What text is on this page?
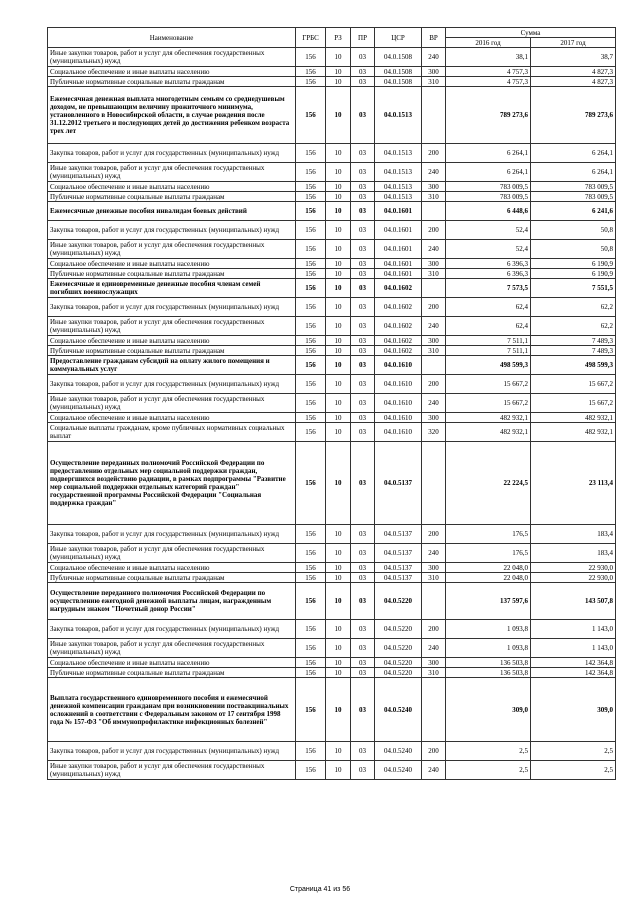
Наименование	ГРБС	РЗ	ПР	ЦСР	ВР	Сумма	
						2016 год	2017 год
Иные закупки товаров, работ и услуг для обеспечения государственных (муниципальных) нужд	156	10	03	04.0.1508	240	38,1	38,7
Социальное обеспечение и иные выплаты населению	156	10	03	04.0.1508	300	4 757,3	4 827,3
Публичные нормативные социальные выплаты гражданам	156	10	03	04.0.1508	310	4 757,3	4 827,3
Ежемесячная денежная выплата многодетным семьям со среднедушевым доходом, не превышающим величину прожиточного минимума, установленного в Новосибирской области, в случае рождения после 31.12.2012 третьего и последующих детей до достижения ребенком возраста трех лет	156	10	03	04.0.1513		789 273,6	789 273,6
Закупка товаров, работ и услуг для государственных (муниципальных) нужд	156	10	03	04.0.1513	200	6 264,1	6 264,1
Иные закупки товаров, работ и услуг для обеспечения государственных (муниципальных) нужд	156	10	03	04.0.1513	240	6 264,1	6 264,1
Социальное обеспечение и иные выплаты населению	156	10	03	04.0.1513	300	783 009,5	783 009,5
Публичные нормативные социальные выплаты гражданам	156	10	03	04.0.1513	310	783 009,5	783 009,5
Ежемесячные денежные пособия инвалидам боевых действий	156	10	03	04.0.1601		6 448,6	6 241,6
Закупка товаров, работ и услуг для государственных (муниципальных) нужд	156	10	03	04.0.1601	200	52,4	50,8
Иные закупки товаров, работ и услуг для обеспечения государственных (муниципальных) нужд	156	10	03	04.0.1601	240	52,4	50,8
Социальное обеспечение и иные выплаты населению	156	10	03	04.0.1601	300	6 396,3	6 190,9
Публичные нормативные социальные выплаты гражданам	156	10	03	04.0.1601	310	6 396,3	6 190,9
Ежемесячные и единовременные денежные пособия членам семей погибших военнослужащих	156	10	03	04.0.1602		7 573,5	7 551,5
Закупка товаров, работ и услуг для государственных (муниципальных) нужд	156	10	03	04.0.1602	200	62,4	62,2
Иные закупки товаров, работ и услуг для обеспечения государственных (муниципальных) нужд	156	10	03	04.0.1602	240	62,4	62,2
Социальное обеспечение и иные выплаты населению	156	10	03	04.0.1602	300	7 511,1	7 489,3
Публичные нормативные социальные выплаты гражданам	156	10	03	04.0.1602	310	7 511,1	7 489,3
Предоставление гражданам субсидий на оплату жилого помещения и коммунальных услуг	156	10	03	04.0.1610		498 599,3	498 599,3
Закупка товаров, работ и услуг для государственных (муниципальных) нужд	156	10	03	04.0.1610	200	15 667,2	15 667,2
Иные закупки товаров, работ и услуг для обеспечения государственных (муниципальных) нужд	156	10	03	04.0.1610	240	15 667,2	15 667,2
Социальное обеспечение и иные выплаты населению	156	10	03	04.0.1610	300	482 932,1	482 932,1
Социальные выплаты гражданам, кроме публичных нормативных социальных выплат	156	10	03	04.0.1610	320	482 932,1	482 932,1
Осуществление переданных полномочий Российской Федерации по предоставлению отдельных мер социальной поддержки граждан, подвергшихся воздействию радиации, в рамках подпрограммы "Развитие мер социальной поддержки отдельных категорий граждан" государственной программы Российской Федерации "Социальная поддержка граждан"	156	10	03	04.0.5137		22 224,5	23 113,4
Закупка товаров, работ и услуг для государственных (муниципальных) нужд	156	10	03	04.0.5137	200	176,5	183,4
Иные закупки товаров, работ и услуг для обеспечения государственных (муниципальных) нужд	156	10	03	04.0.5137	240	176,5	183,4
Социальное обеспечение и иные выплаты населению	156	10	03	04.0.5137	300	22 048,0	22 930,0
Публичные нормативные социальные выплаты гражданам	156	10	03	04.0.5137	310	22 048,0	22 930,0
Осуществление переданного полномочия Российской Федерации по осуществлению ежегодной денежной выплаты лицам, награжденным нагрудным знаком "Почетный донор России"	156	10	03	04.0.5220		137 597,6	143 507,8
Закупка товаров, работ и услуг для государственных (муниципальных) нужд	156	10	03	04.0.5220	200	1 093,8	1 143,0
Иные закупки товаров, работ и услуг для обеспечения государственных (муниципальных) нужд	156	10	03	04.0.5220	240	1 093,8	1 143,0
Социальное обеспечение и иные выплаты населению	156	10	03	04.0.5220	300	136 503,8	142 364,8
Публичные нормативные социальные выплаты гражданам	156	10	03	04.0.5220	310	136 503,8	142 364,8
Выплата государственного единовременного пособия и ежемесячной денежной компенсации гражданам при возникновении поствакцинальных осложнений в соответствии с Федеральным законом от 17 сентября 1998 года № 157-ФЗ "Об иммунопрофилактике инфекционных болезней"	156	10	03	04.0.5240		309,0	309,0
Закупка товаров, работ и услуг для государственных (муниципальных) нужд	156	10	03	04.0.5240	200	2,5	2,5
Иные закупки товаров, работ и услуг для обеспечения государственных (муниципальных) нужд	156	10	03	04.0.5240	240	2,5	2,5
Страница 41 из 56
